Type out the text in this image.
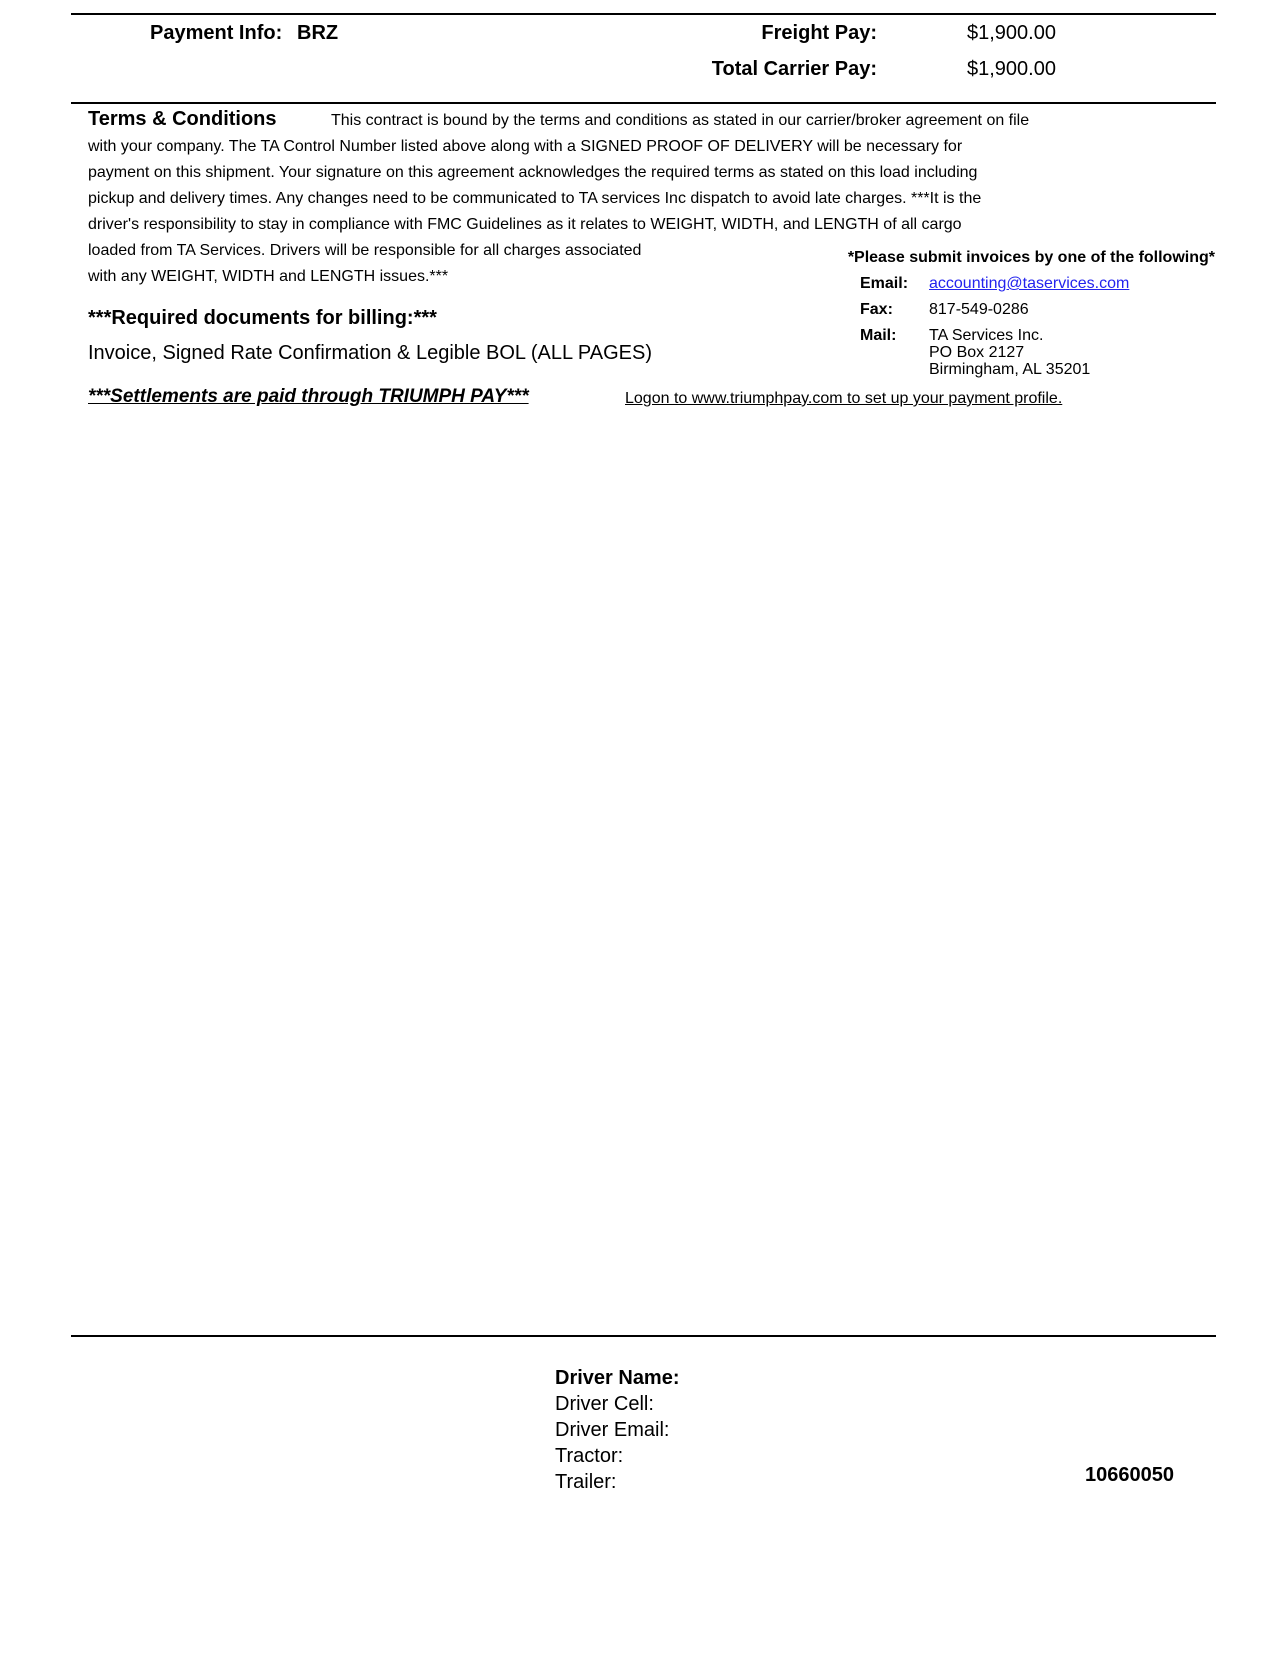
Payment Info: BRZ	Freight Pay:	$1,900.00
Total Carrier Pay:	$1,900.00
Terms & Conditions	This contract is bound by the terms and conditions as stated in our carrier/broker agreement on file
with your company. The TA Control Number listed above along with a SIGNED PROOF OF DELIVERY will be necessary for
payment on this shipment. Your signature on this agreement acknowledges the required terms as stated on this load including
pickup and delivery times. Any changes need to be communicated to TA services Inc dispatch to avoid late charges. ***It is the
driver's responsibility to stay in compliance with FMC Guidelines as it relates to WEIGHT, WIDTH, and LENGTH of all cargo
loaded from TA Services. Drivers will be responsible for all charges associated
with any WEIGHT, WIDTH and LENGTH issues.***
*Please submit invoices by one of the following*
Email: accounting@taservices.com
Fax: 817-549-0286
Mail: TA Services Inc.
PO Box 2127
Birmingham, AL 35201
***Required documents for billing:***
Invoice, Signed Rate Confirmation & Legible BOL (ALL PAGES)
***Settlements are paid through TRIUMPH PAY***	Logon to www.triumphpay.com to set up your payment profile.
Driver Name:
Driver Cell:
Driver Email:
Tractor:
Trailer:	10660050
